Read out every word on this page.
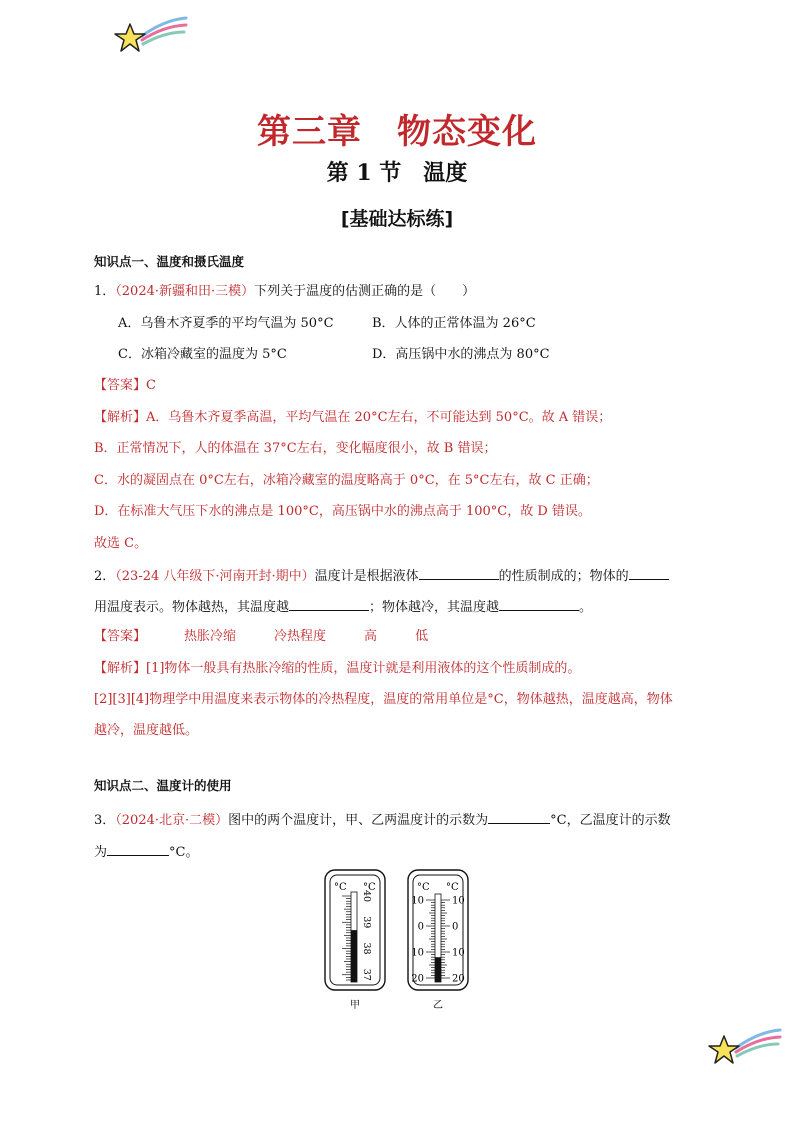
第三章　物态变化
第 1 节　温度
[基础达标练]
知识点一、温度和摄氏温度
1．（2024·新疆和田·三模）下列关于温度的估测正确的是（　　）
A．乌鲁木齐夏季的平均气温为 50°C	B．人体的正常体温为 26°C
C．冰箱冷藏室的温度为 5°C	D．高压锅中水的沸点为 80°C
【答案】C
【解析】A．乌鲁木齐夏季高温，平均气温在 20°C左右，不可能达到 50°C。故 A 错误；
B．正常情况下，人的体温在 37°C左右，变化幅度很小，故 B 错误；
C．水的凝固点在 0°C左右，冰箱冷藏室的温度略高于 0°C，在 5°C左右，故 C 正确；
D．在标准大气压下水的沸点是 100°C，高压锅中水的沸点高于 100°C，故 D 错误。
故选 C。
2．（23-24 八年级下·河南开封·期中）温度计是根据液体	的性质制成的；物体的
用温度表示。物体越热，其温度越	；物体越冷，其温度越	。
【答案】	热胀冷缩	冷热程度	高	低
【解析】[1]物体一般具有热胀冷缩的性质，温度计就是利用液体的这个性质制成的。
[2][3][4]物理学中用温度来表示物体的冷热程度，温度的常用单位是°C，物体越热，温度越高，物体
越冷，温度越低。
知识点二、温度计的使用
3．（2024·北京·二模）图中的两个温度计，甲、乙两温度计的示数为	°C，乙温度计的示数
为	°C。
°C °C
40
39
38
37
甲
°C °C
10	10
0	0
10	10
20	20
乙
